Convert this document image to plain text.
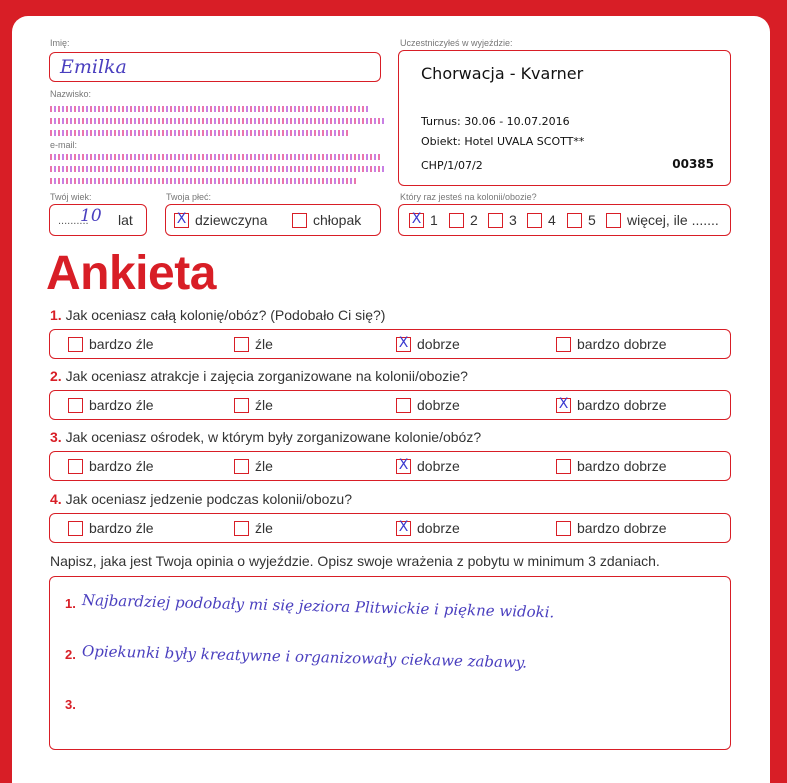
Imię:
Emilka
Nazwisko:
e-mail:
Twój wiek:
..........
10 lat
Twoja płeć:
X dziewczyna	chłopak
Uczestniczyłeś w wyjeździe:
Chorwacja - Kvarner
Turnus: 30.06 - 10.07.2016
Obiekt: Hotel UVALA SCOTT**
CHP/1/07/2	00385
Który raz jesteś na kolonii/obozie?
X 1 2 3 4 5 więcej, ile .......
Ankieta
1. Jak oceniasz całą kolonię/obóz? (Podobało Ci się?)
bardzo źle	źle	X dobrze	bardzo dobrze
2. Jak oceniasz atrakcje i zajęcia zorganizowane na kolonii/obozie?
bardzo źle	źle	dobrze	X bardzo dobrze
3. Jak oceniasz ośrodek, w którym były zorganizowane kolonie/obóz?
bardzo źle	źle	X dobrze	bardzo dobrze
4. Jak oceniasz jedzenie podczas kolonii/obozu?
bardzo źle	źle	X dobrze	bardzo dobrze
Napisz, jaka jest Twoja opinia o wyjeździe. Opisz swoje wrażenia z pobytu w minimum 3 zdaniach.
1. Najbardziej podobały mi się jeziora Plitwickie i piękne widoki.
2. Opiekunki były kreatywne i organizowały ciekawe zabawy.
3.
